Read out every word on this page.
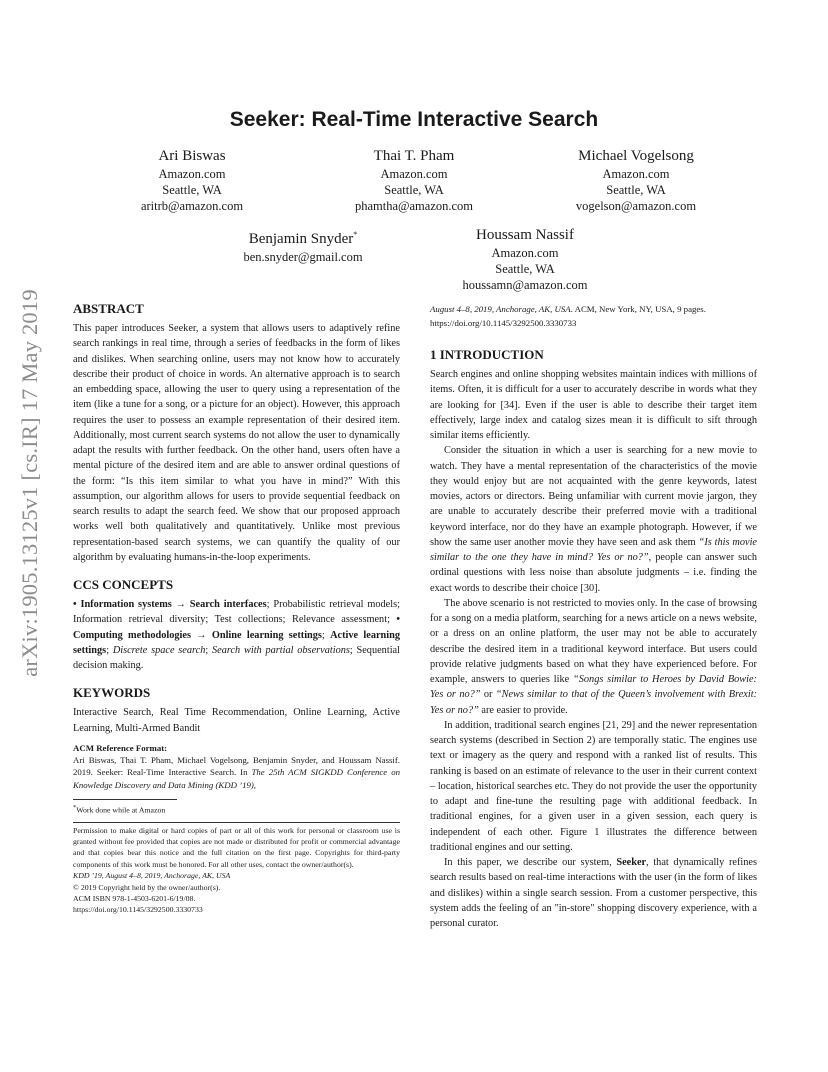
arXiv:1905.13125v1 [cs.IR] 17 May 2019
Seeker: Real-Time Interactive Search
Ari Biswas
Amazon.com
Seattle, WA
aritrb@amazon.com
Thai T. Pham
Amazon.com
Seattle, WA
phamtha@amazon.com
Michael Vogelsong
Amazon.com
Seattle, WA
vogelson@amazon.com
Benjamin Snyder*
ben.snyder@gmail.com
Houssam Nassif
Amazon.com
Seattle, WA
houssamn@amazon.com
ABSTRACT

This paper introduces Seeker, a system that allows users to adaptively refine search rankings in real time, through a series of feedbacks in the form of likes and dislikes. When searching online, users may not know how to accurately describe their product of choice in words. An alternative approach is to search an embedding space, allowing the user to query using a representation of the item (like a tune for a song, or a picture for an object). However, this approach requires the user to possess an example representation of their desired item. Additionally, most current search systems do not allow the user to dynamically adapt the results with further feedback. On the other hand, users often have a mental picture of the desired item and are able to answer ordinal questions of the form: “Is this item similar to what you have in mind?” With this assumption, our algorithm allows for users to provide sequential feedback on search results to adapt the search feed. We show that our proposed approach works well both qualitatively and quantitatively. Unlike most previous representation-based search systems, we can quantify the quality of our algorithm by evaluating humans-in-the-loop experiments.

CCS CONCEPTS

• Information systems → Search interfaces; Probabilistic retrieval models; Information retrieval diversity; Test collections; Relevance assessment; • Computing methodologies → Online learning settings; Active learning settings; Discrete space search; Search with partial observations; Sequential decision making.

KEYWORDS

Interactive Search, Real Time Recommendation, Online Learning, Active Learning, Multi-Armed Bandit

ACM Reference Format:

Ari Biswas, Thai T. Pham, Michael Vogelsong, Benjamin Snyder, and Houssam Nassif. 2019. Seeker: Real-Time Interactive Search. In The 25th ACM SIGKDD Conference on Knowledge Discovery and Data Mining (KDD ’19),

*Work done while at Amazon

Permission to make digital or hard copies of part or all of this work for personal or classroom use is granted without fee provided that copies are not made or distributed for profit or commercial advantage and that copies bear this notice and the full citation on the first page. Copyrights for third-party components of this work must be honored. For all other uses, contact the owner/author(s).

KDD ’19, August 4–8, 2019, Anchorage, AK, USA

© 2019 Copyright held by the owner/author(s).

ACM ISBN 978-1-4503-6201-6/19/08.

https://doi.org/10.1145/3292500.3330733

August 4–8, 2019, Anchorage, AK, USA. ACM, New York, NY, USA, 9 pages.

https://doi.org/10.1145/3292500.3330733

1 INTRODUCTION

Search engines and online shopping websites maintain indices with millions of items. Often, it is difficult for a user to accurately describe in words what they are looking for [34]. Even if the user is able to describe their target item effectively, large index and catalog sizes mean it is difficult to sift through similar items efficiently.

Consider the situation in which a user is searching for a new movie to watch. They have a mental representation of the characteristics of the movie they would enjoy but are not acquainted with the genre keywords, latest movies, actors or directors. Being unfamiliar with current movie jargon, they are unable to accurately describe their preferred movie with a traditional keyword interface, nor do they have an example photograph. However, if we show the same user another movie they have seen and ask them “Is this movie similar to the one they have in mind? Yes or no?”, people can answer such ordinal questions with less noise than absolute judgments – i.e. finding the exact words to describe their choice [30].

The above scenario is not restricted to movies only. In the case of browsing for a song on a media platform, searching for a news article on a news website, or a dress on an online platform, the user may not be able to accurately describe the desired item in a traditional keyword interface. But users could provide relative judgments based on what they have experienced before. For example, answers to queries like “Songs similar to Heroes by David Bowie: Yes or no?” or “News similar to that of the Queen’s involvement with Brexit: Yes or no?” are easier to provide.

In addition, traditional search engines [21, 29] and the newer representation search systems (described in Section 2) are temporally static. The engines use text or imagery as the query and respond with a ranked list of results. This ranking is based on an estimate of relevance to the user in their current context – location, historical searches etc. They do not provide the user the opportunity to adapt and fine-tune the resulting page with additional feedback. In traditional engines, for a given user in a given session, each query is independent of each other. Figure 1 illustrates the difference between traditional engines and our setting.

In this paper, we describe our system, Seeker, that dynamically refines search results based on real-time interactions with the user (in the form of likes and dislikes) within a single search session. From a customer perspective, this system adds the feeling of an "in-store" shopping discovery experience, with a personal curator.
